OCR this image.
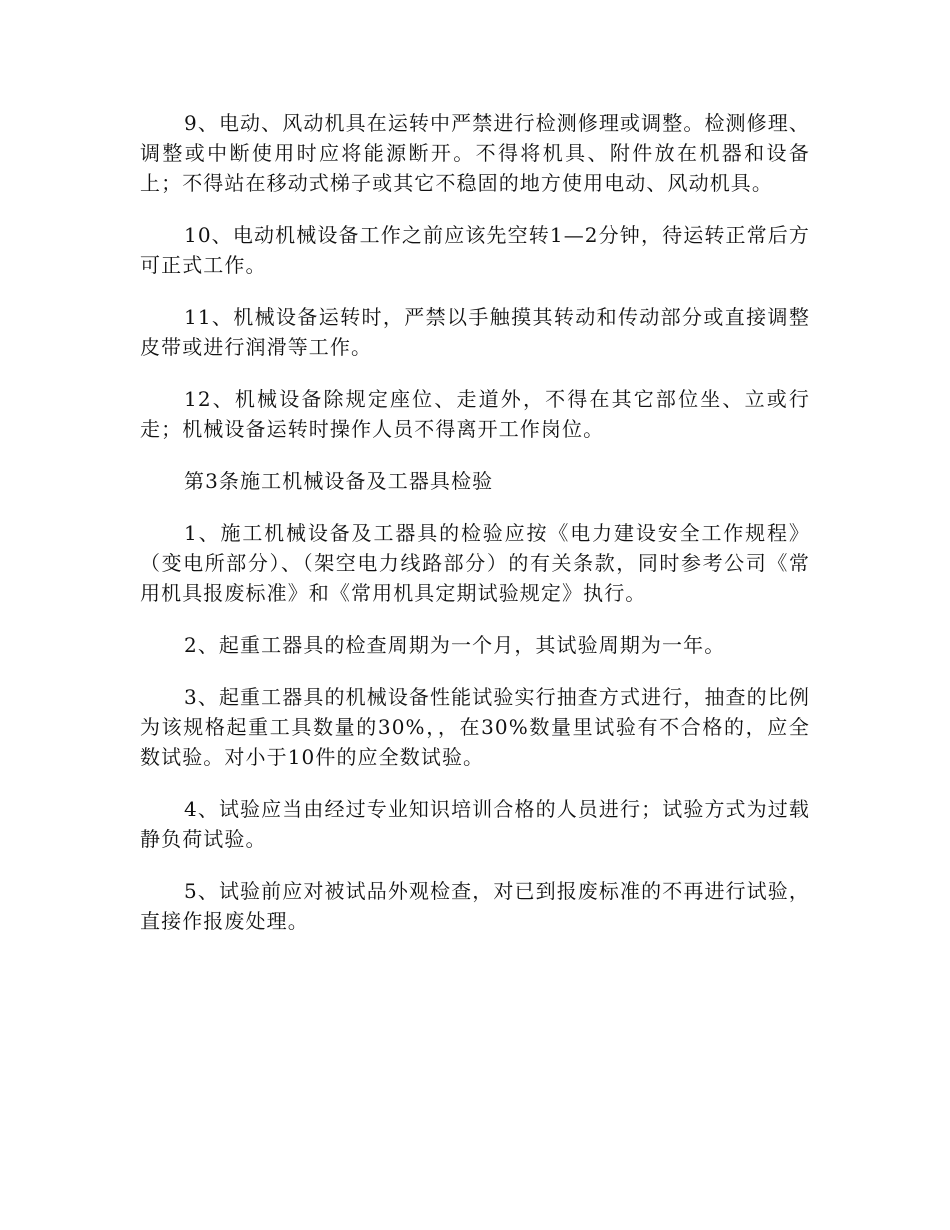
9、电动、风动机具在运转中严禁进行检测修理或调整。检测修理、调整或中断使用时应将能源断开。不得将机具、附件放在机器和设备上；不得站在移动式梯子或其它不稳固的地方使用电动、风动机具。

10、电动机械设备工作之前应该先空转1—2分钟，待运转正常后方可正式工作。

11、机械设备运转时，严禁以手触摸其转动和传动部分或直接调整皮带或进行润滑等工作。

12、机械设备除规定座位、走道外，不得在其它部位坐、立或行走；机械设备运转时操作人员不得离开工作岗位。

第3条施工机械设备及工器具检验

1、施工机械设备及工器具的检验应按《电力建设安全工作规程》（变电所部分）、（架空电力线路部分）的有关条款，同时参考公司《常用机具报废标准》和《常用机具定期试验规定》执行。

2、起重工器具的检查周期为一个月，其试验周期为一年。

3、起重工器具的机械设备性能试验实行抽查方式进行，抽查的比例为该规格起重工具数量的30%，，在30%数量里试验有不合格的，应全数试验。对小于10件的应全数试验。

4、试验应当由经过专业知识培训合格的人员进行；试验方式为过载静负荷试验。

5、试验前应对被试品外观检查，对已到报废标准的不再进行试验，直接作报废处理。
